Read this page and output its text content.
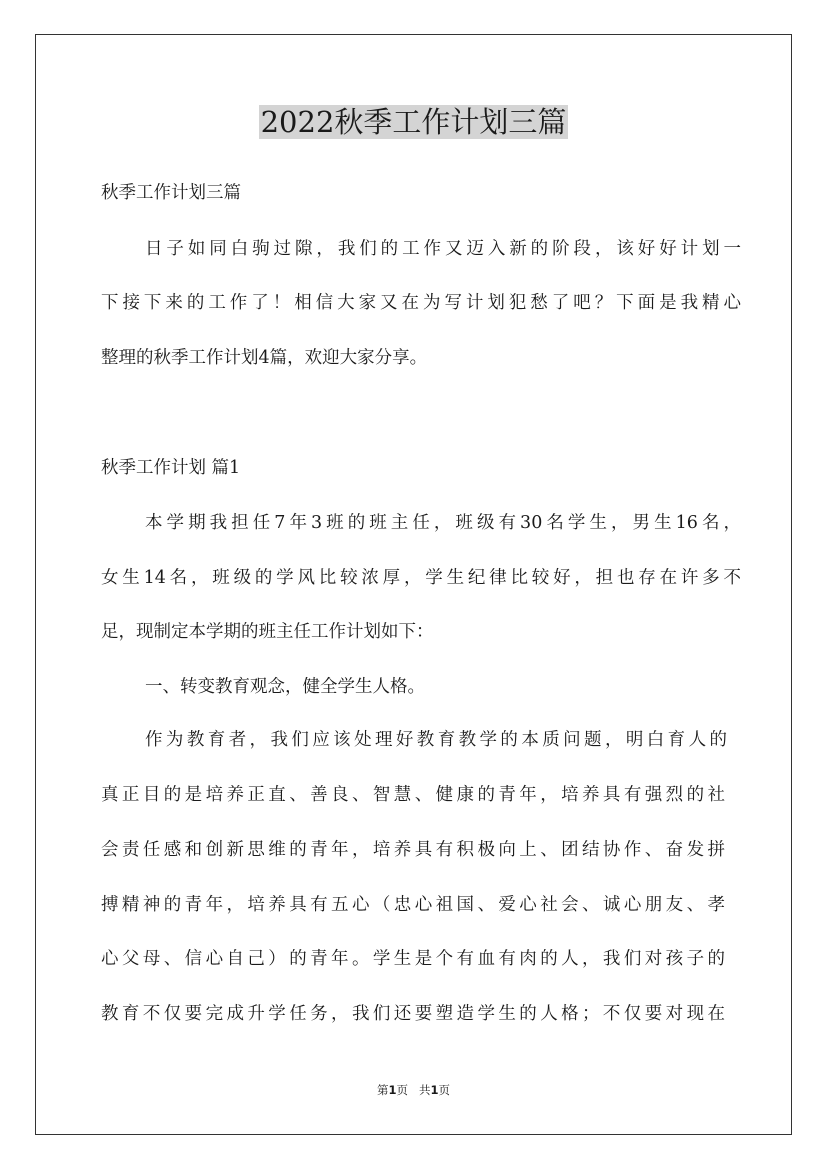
2022秋季工作计划三篇
秋季工作计划三篇
日子如同白驹过隙，我们的工作又迈入新的阶段，该好好计划一
下接下来的工作了！相信大家又在为写计划犯愁了吧？下面是我精心
整理的秋季工作计划4篇，欢迎大家分享。
秋季工作计划 篇1
本学期我担任7年3班的班主任，班级有30名学生，男生16名，
女生14名，班级的学风比较浓厚，学生纪律比较好，担也存在许多不
足，现制定本学期的班主任工作计划如下：
一、转变教育观念，健全学生人格。
作为教育者，我们应该处理好教育教学的本质问题，明白育人的
真正目的是培养正直、善良、智慧、健康的青年，培养具有强烈的社
会责任感和创新思维的青年，培养具有积极向上、团结协作、奋发拼
搏精神的青年，培养具有五心（忠心祖国、爱心社会、诚心朋友、孝
心父母、信心自己）的青年。学生是个有血有肉的人，我们对孩子的
教育不仅要完成升学任务，我们还要塑造学生的人格；不仅要对现在
第1页 共1页
